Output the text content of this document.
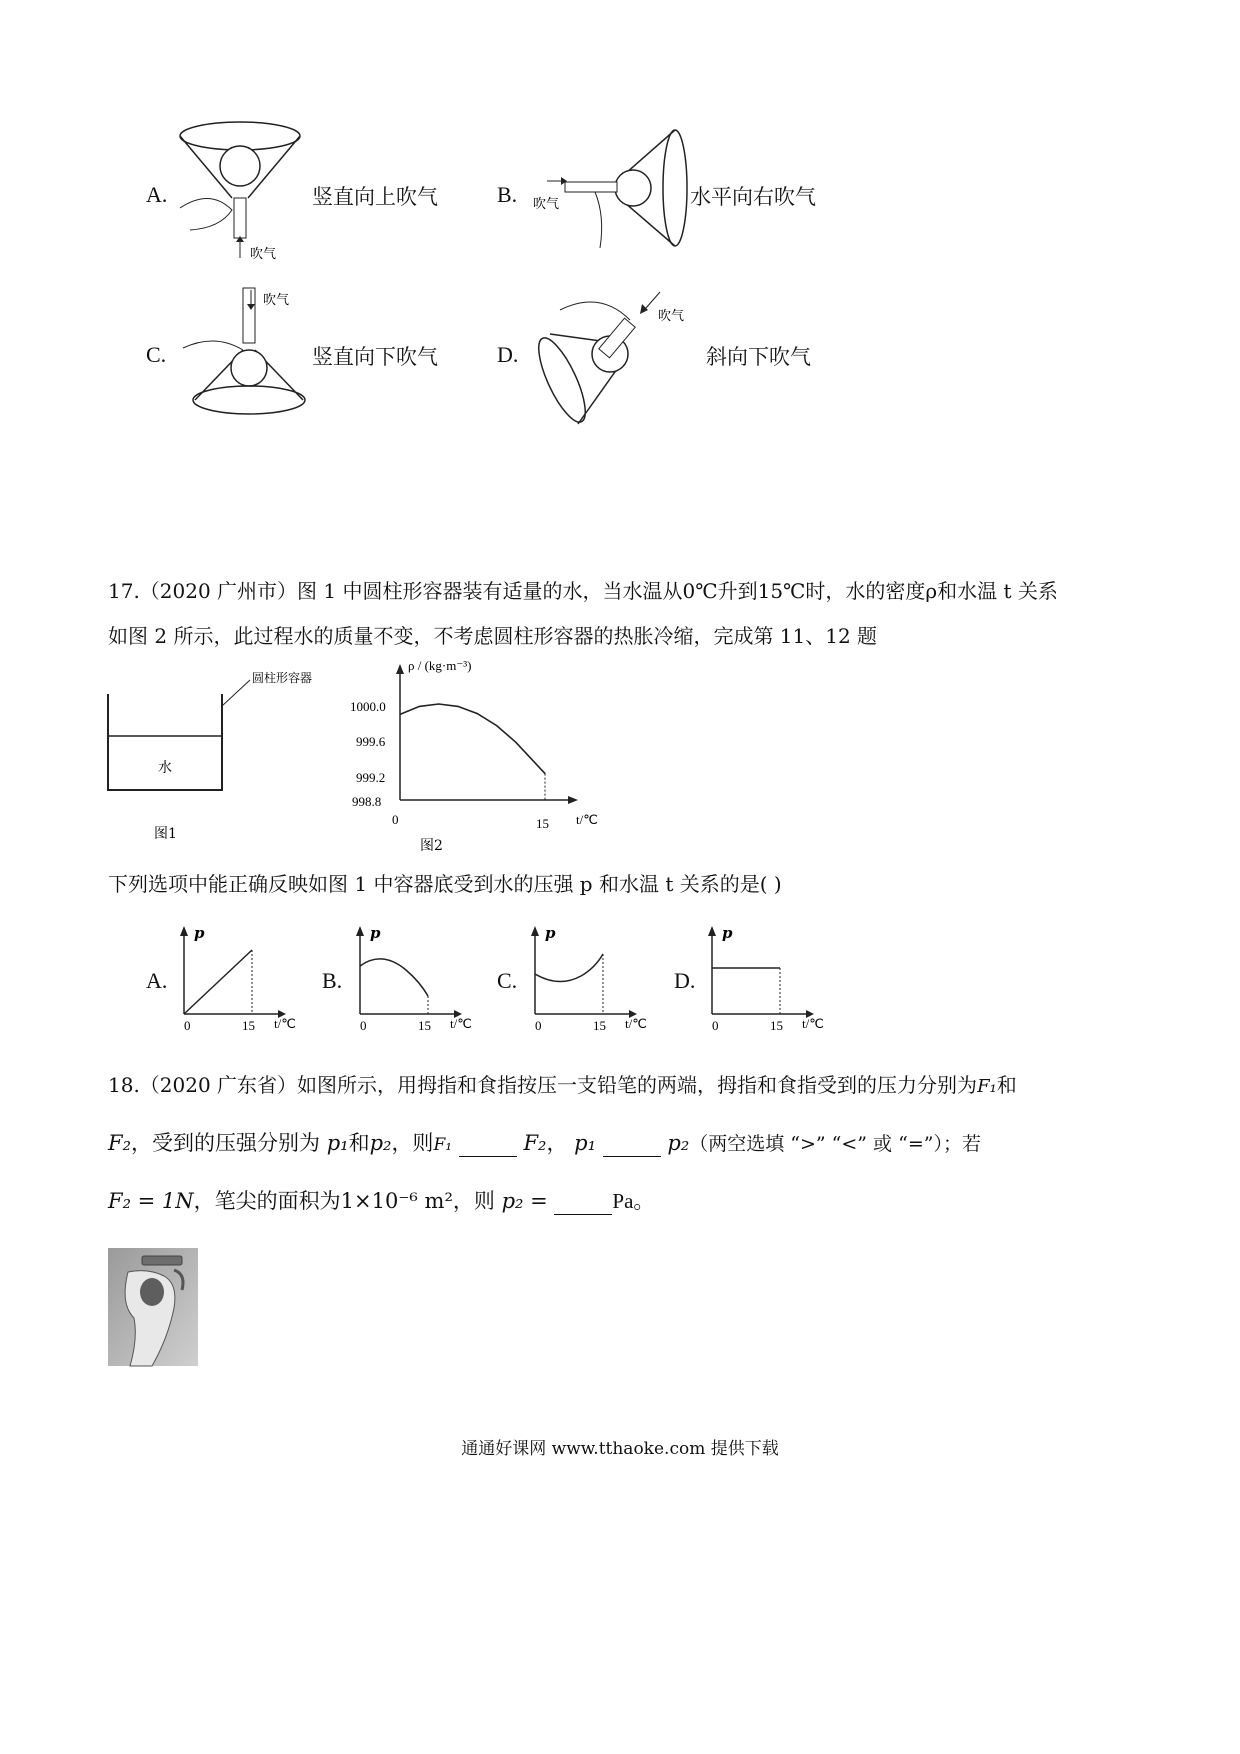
A.
吹气
竖直向上吹气	B. 吹气	水平向右吹气
C.
吹气
竖直向下吹气	D.
吹气
斜向下吹气
17.（2020 广州市）图 1 中圆柱形容器装有适量的水，当水温从0℃升到15℃时，水的密度ρ和水温 t 关系
如图 2 所示，此过程水的质量不变，不考虑圆柱形容器的热胀冷缩，完成第 11、12 题
圆柱形容器
水
图1
ρ / (kg·m⁻³)
1000.0
999.6
999.2
998.8
0	15 t/℃
图2
下列选项中能正确反映如图 1 中容器底受到水的压强 p 和水温 t 关系的是( )
A.
p
0	15 t/℃
B.
p
0	15 t/℃
C.
p
0	15 t/℃
D.
p
0	15 t/℃
18.（2020 广东省）如图所示，用拇指和食指按压一支铅笔的两端，拇指和食指受到的压力分别为F₁和
F₂，受到的压强分别为 p₁和p₂，则F₁	F₂， p₁	p₂（两空选填 “>” “<” 或 “=”）；若
F₂ = 1N，笔尖的面积为1×10⁻⁶ m²，则 p₂ =	Pa。
通通好课网 www.tthaoke.com 提供下载
